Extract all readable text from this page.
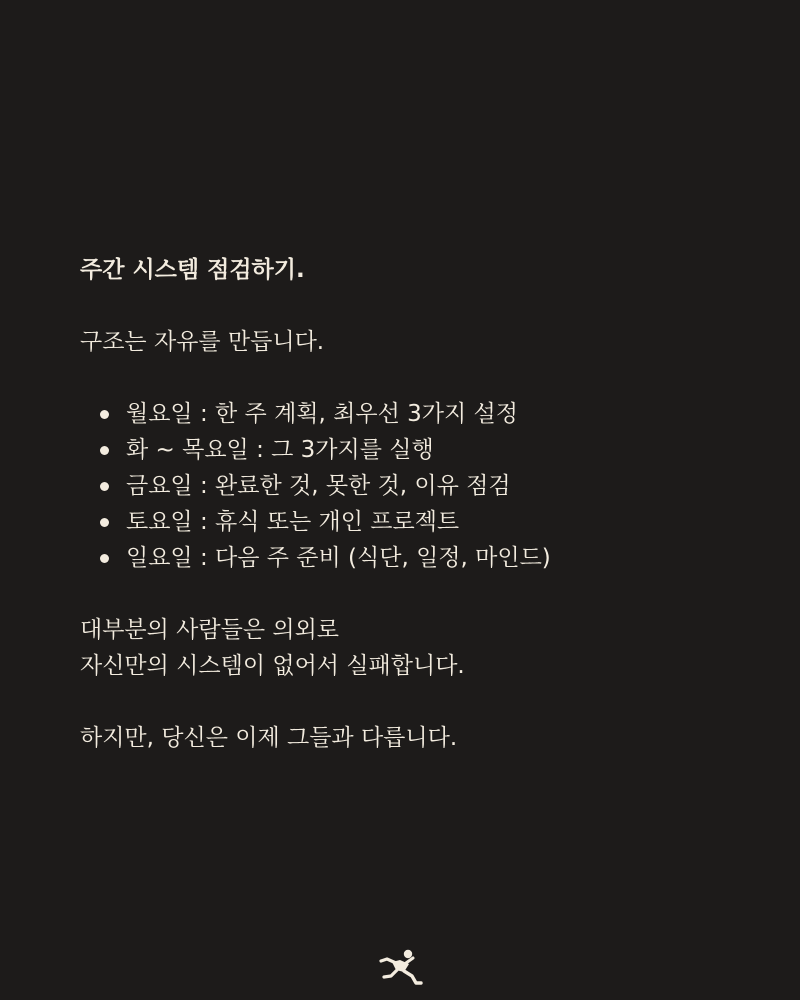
주간 시스템 점검하기.

구조는 자유를 만듭니다.

월요일 : 한 주 계획, 최우선 3가지 설정
화 ~ 목요일 : 그 3가지를 실행
금요일 : 완료한 것, 못한 것, 이유 점검
토요일 : 휴식 또는 개인 프로젝트
일요일 : 다음 주 준비 (식단, 일정, 마인드)

대부분의 사람들은 의외로

자신만의 시스템이 없어서 실패합니다.

하지만, 당신은 이제 그들과 다릅니다.
